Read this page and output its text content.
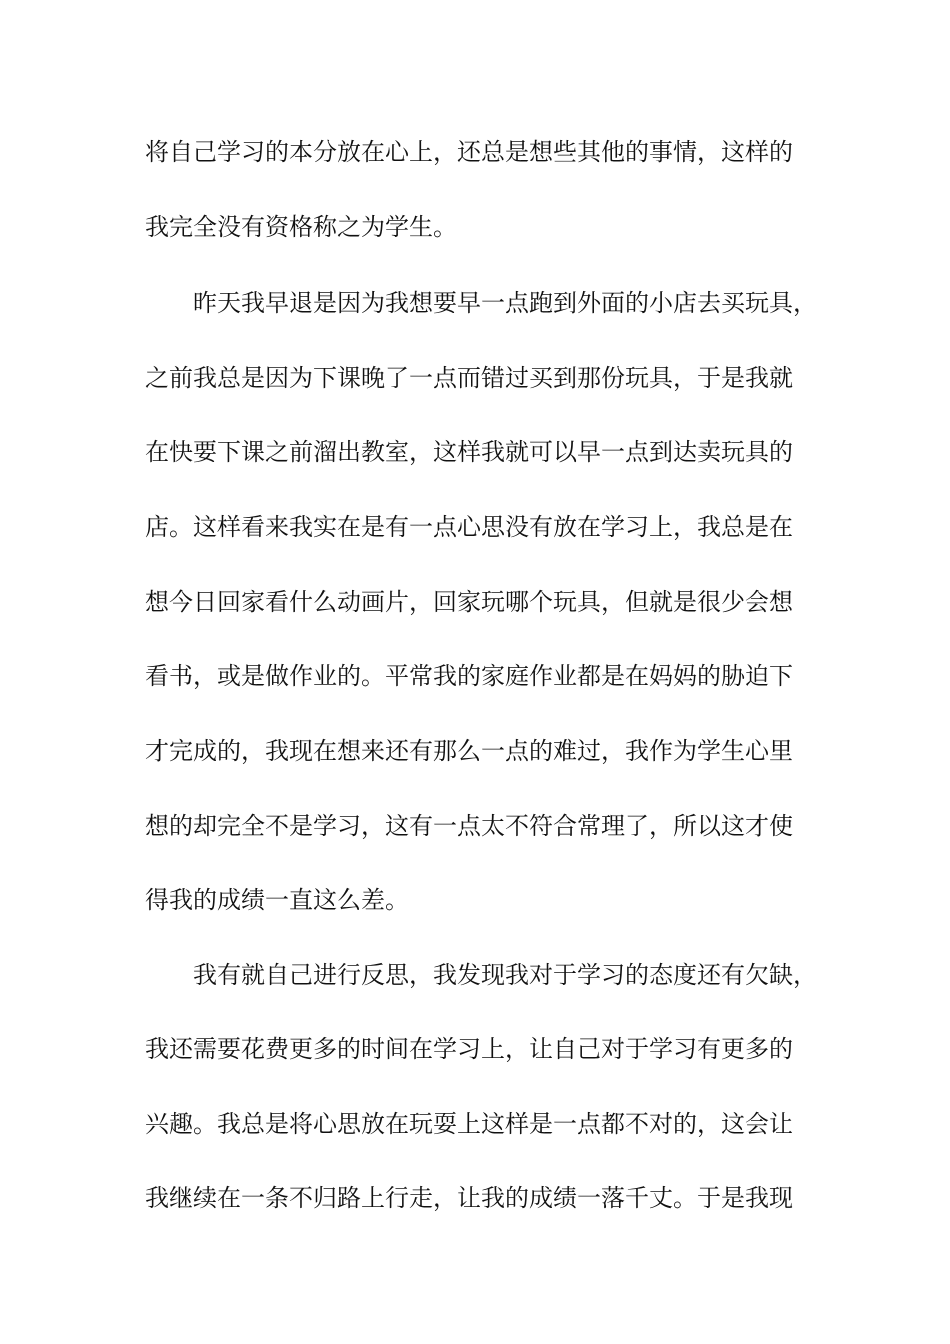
将自己学习的本分放在心上，还总是想些其他的事情，这样的
我完全没有资格称之为学生。
昨天我早退是因为我想要早一点跑到外面的小店去买玩具，
之前我总是因为下课晚了一点而错过买到那份玩具，于是我就
在快要下课之前溜出教室，这样我就可以早一点到达卖玩具的
店。这样看来我实在是有一点心思没有放在学习上，我总是在
想今日回家看什么动画片，回家玩哪个玩具，但就是很少会想
看书，或是做作业的。平常我的家庭作业都是在妈妈的胁迫下
才完成的，我现在想来还有那么一点的难过，我作为学生心里
想的却完全不是学习，这有一点太不符合常理了，所以这才使
得我的成绩一直这么差。
我有就自己进行反思，我发现我对于学习的态度还有欠缺，
我还需要花费更多的时间在学习上，让自己对于学习有更多的
兴趣。我总是将心思放在玩耍上这样是一点都不对的，这会让
我继续在一条不归路上行走，让我的成绩一落千丈。于是我现
